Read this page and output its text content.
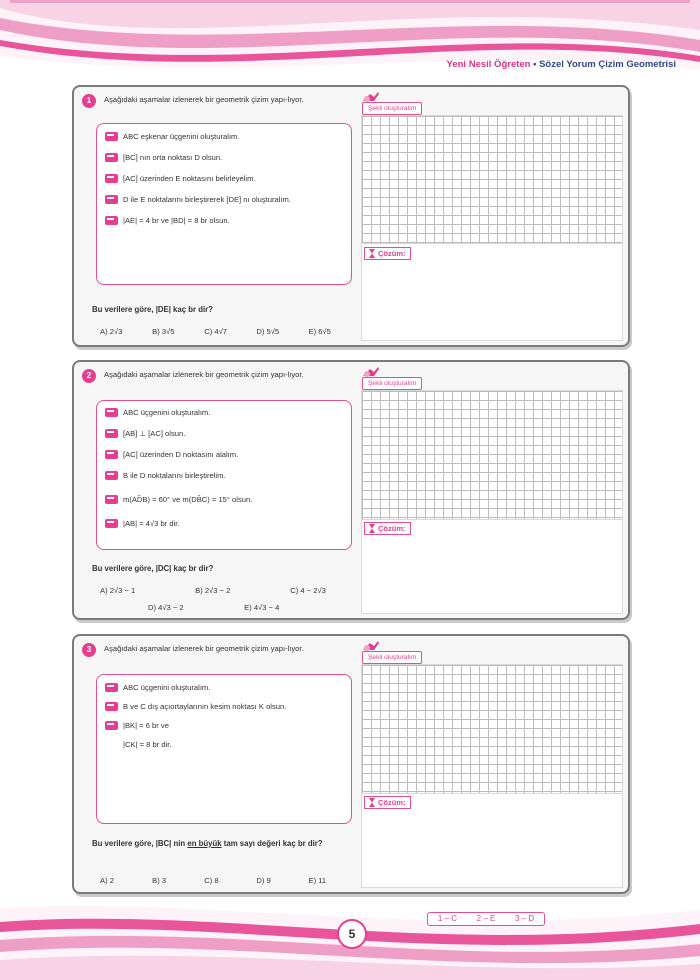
Yeni Nesil Öğreten • Sözel Yorum Çizim Geometrisi
1	Aşağıdaki aşamalar izlenerek bir geometrik çizim yapı-lıyor.
ABC eşkenar üçgenini oluşturalım.
[BC] nın orta noktası D olsun.
[AC] üzerinden E noktasını belirleyelim.
D ile E noktalarını birleştirerek [DE] nı oluşturalım.
|AE| = 4 br ve |BD| = 8 br olsun.
Bu verilere göre, |DE| kaç br dir?
A) 2√3	B) 3√5	C) 4√7	D) 5√5	E) 6√5
Şekli oluşturalım
Çözüm:
2	Aşağıdaki aşamalar izlenerek bir geometrik çizim yapı-lıyor.
ABC üçgenini oluşturalım.
[AB] ⊥ [AC] olsun.
[AC] üzerinden D noktasını alalım.
B ile D noktalarını birleştirelim.
m(AD̂B) = 60° ve m(DB̂C) = 15° olsun.
|AB| = 4√3 br dir.
Bu verilere göre, |DC| kaç br dir?
A) 2√3 − 1	B) 2√3 − 2	C) 4 − 2√3
D) 4√3 − 2	E) 4√3 − 4
Şekli oluşturalım
Çözüm:
3	Aşağıdaki aşamalar izlenerek bir geometrik çizim yapı-lıyor.
ABC üçgenini oluşturalım.
B ve C dış açıortaylarının kesim noktası K olsun.
|BK| = 6 br ve
|CK| = 8 br dir.
Bu verilere göre, |BC| nin en büyük tam sayı değeri kaç br dir?
A) 2	B) 3	C) 8	D) 9	E) 11
Şekli oluşturalım
Çözüm:
5
1 – C 2 – E 3 – D
